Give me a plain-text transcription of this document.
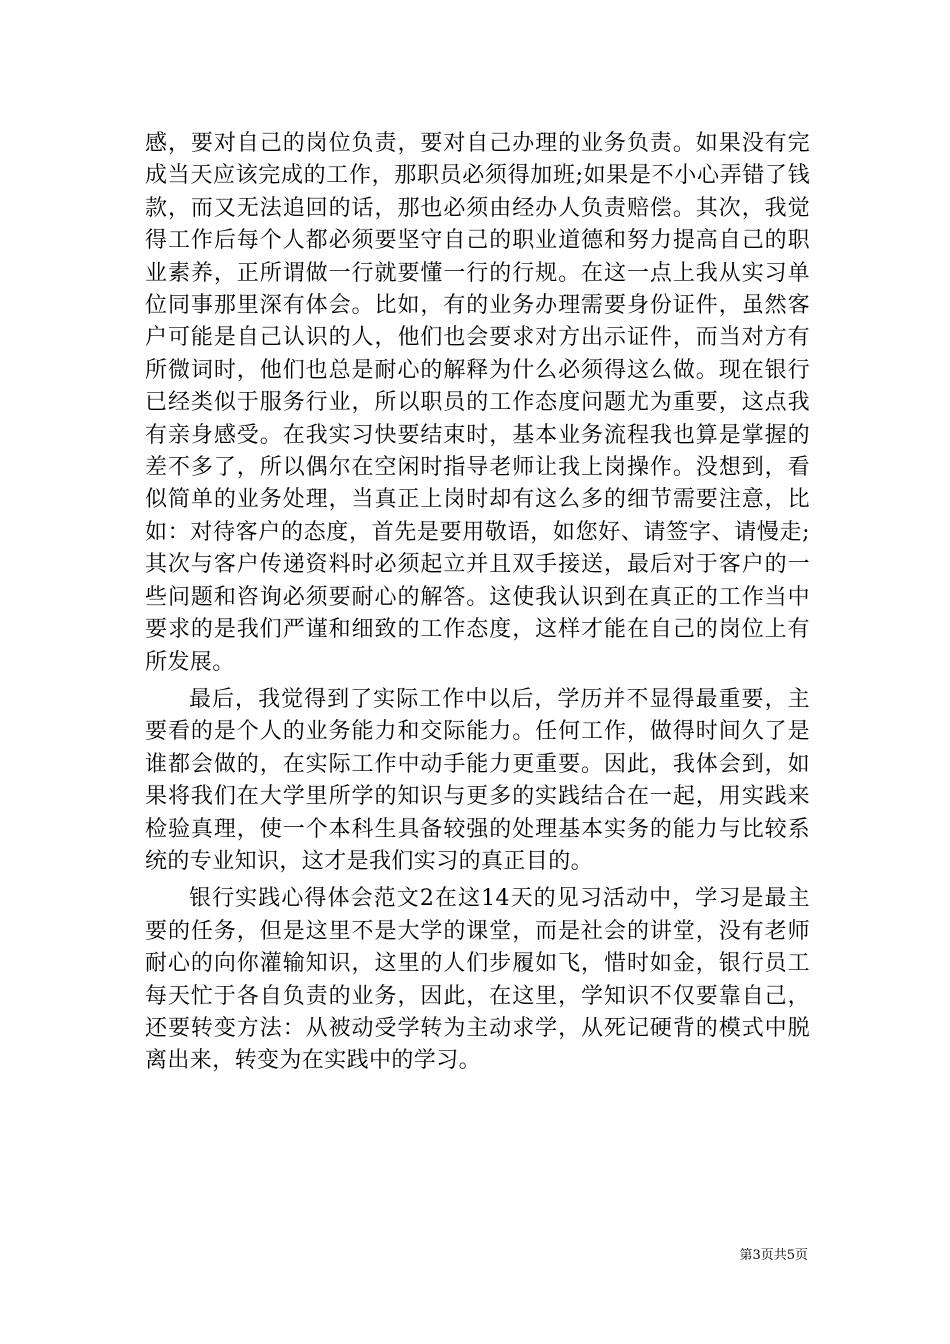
感，要对自己的岗位负责，要对自己办理的业务负责。如果没有完成当天应该完成的工作，那职员必须得加班;如果是不小心弄错了钱款，而又无法追回的话，那也必须由经办人负责赔偿。其次，我觉得工作后每个人都必须要坚守自己的职业道德和努力提高自己的职业素养，正所谓做一行就要懂一行的行规。在这一点上我从实习单位同事那里深有体会。比如，有的业务办理需要身份证件，虽然客户可能是自己认识的人，他们也会要求对方出示证件，而当对方有所微词时，他们也总是耐心的解释为什么必须得这么做。现在银行已经类似于服务行业，所以职员的工作态度问题尤为重要，这点我有亲身感受。在我实习快要结束时，基本业务流程我也算是掌握的差不多了，所以偶尔在空闲时指导老师让我上岗操作。没想到，看似简单的业务处理，当真正上岗时却有这么多的细节需要注意，比如：对待客户的态度，首先是要用敬语，如您好、请签字、请慢走;其次与客户传递资料时必须起立并且双手接送，最后对于客户的一些问题和咨询必须要耐心的解答。这使我认识到在真正的工作当中要求的是我们严谨和细致的工作态度，这样才能在自己的岗位上有所发展。

最后，我觉得到了实际工作中以后，学历并不显得最重要，主要看的是个人的业务能力和交际能力。任何工作，做得时间久了是谁都会做的，在实际工作中动手能力更重要。因此，我体会到，如果将我们在大学里所学的知识与更多的实践结合在一起，用实践来检验真理，使一个本科生具备较强的处理基本实务的能力与比较系统的专业知识，这才是我们实习的真正目的。

银行实践心得体会范文2在这14天的见习活动中，学习是最主要的任务，但是这里不是大学的课堂，而是社会的讲堂，没有老师耐心的向你灌输知识，这里的人们步履如飞，惜时如金，银行员工每天忙于各自负责的业务，因此，在这里，学知识不仅要靠自己，还要转变方法：从被动受学转为主动求学，从死记硬背的模式中脱离出来，转变为在实践中的学习。

第3页共5页
